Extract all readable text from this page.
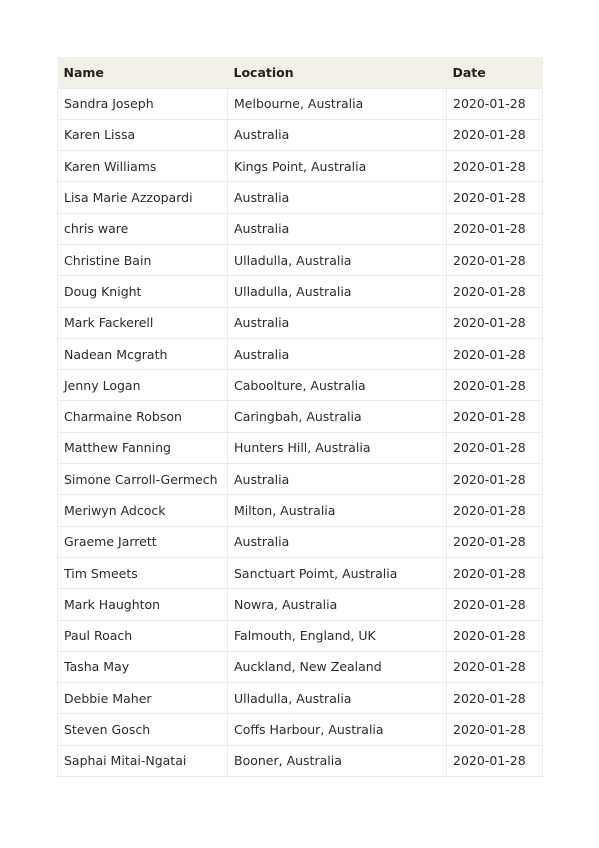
Name	Location	Date
Sandra Joseph	Melbourne, Australia	2020-01-28
Karen Lissa	Australia	2020-01-28
Karen Williams	Kings Point, Australia	2020-01-28
Lisa Marie Azzopardi	Australia	2020-01-28
chris ware	Australia	2020-01-28
Christine Bain	Ulladulla, Australia	2020-01-28
Doug Knight	Ulladulla, Australia	2020-01-28
Mark Fackerell	Australia	2020-01-28
Nadean Mcgrath	Australia	2020-01-28
Jenny Logan	Caboolture, Australia	2020-01-28
Charmaine Robson	Caringbah, Australia	2020-01-28
Matthew Fanning	Hunters Hill, Australia	2020-01-28
Simone Carroll-Germech	Australia	2020-01-28
Meriwyn Adcock	Milton, Australia	2020-01-28
Graeme Jarrett	Australia	2020-01-28
Tim Smeets	Sanctuart Poimt, Australia	2020-01-28
Mark Haughton	Nowra, Australia	2020-01-28
Paul Roach	Falmouth, England, UK	2020-01-28
Tasha May	Auckland, New Zealand	2020-01-28
Debbie Maher	Ulladulla, Australia	2020-01-28
Steven Gosch	Coffs Harbour, Australia	2020-01-28
Saphai Mitai-Ngatai	Booner, Australia	2020-01-28
